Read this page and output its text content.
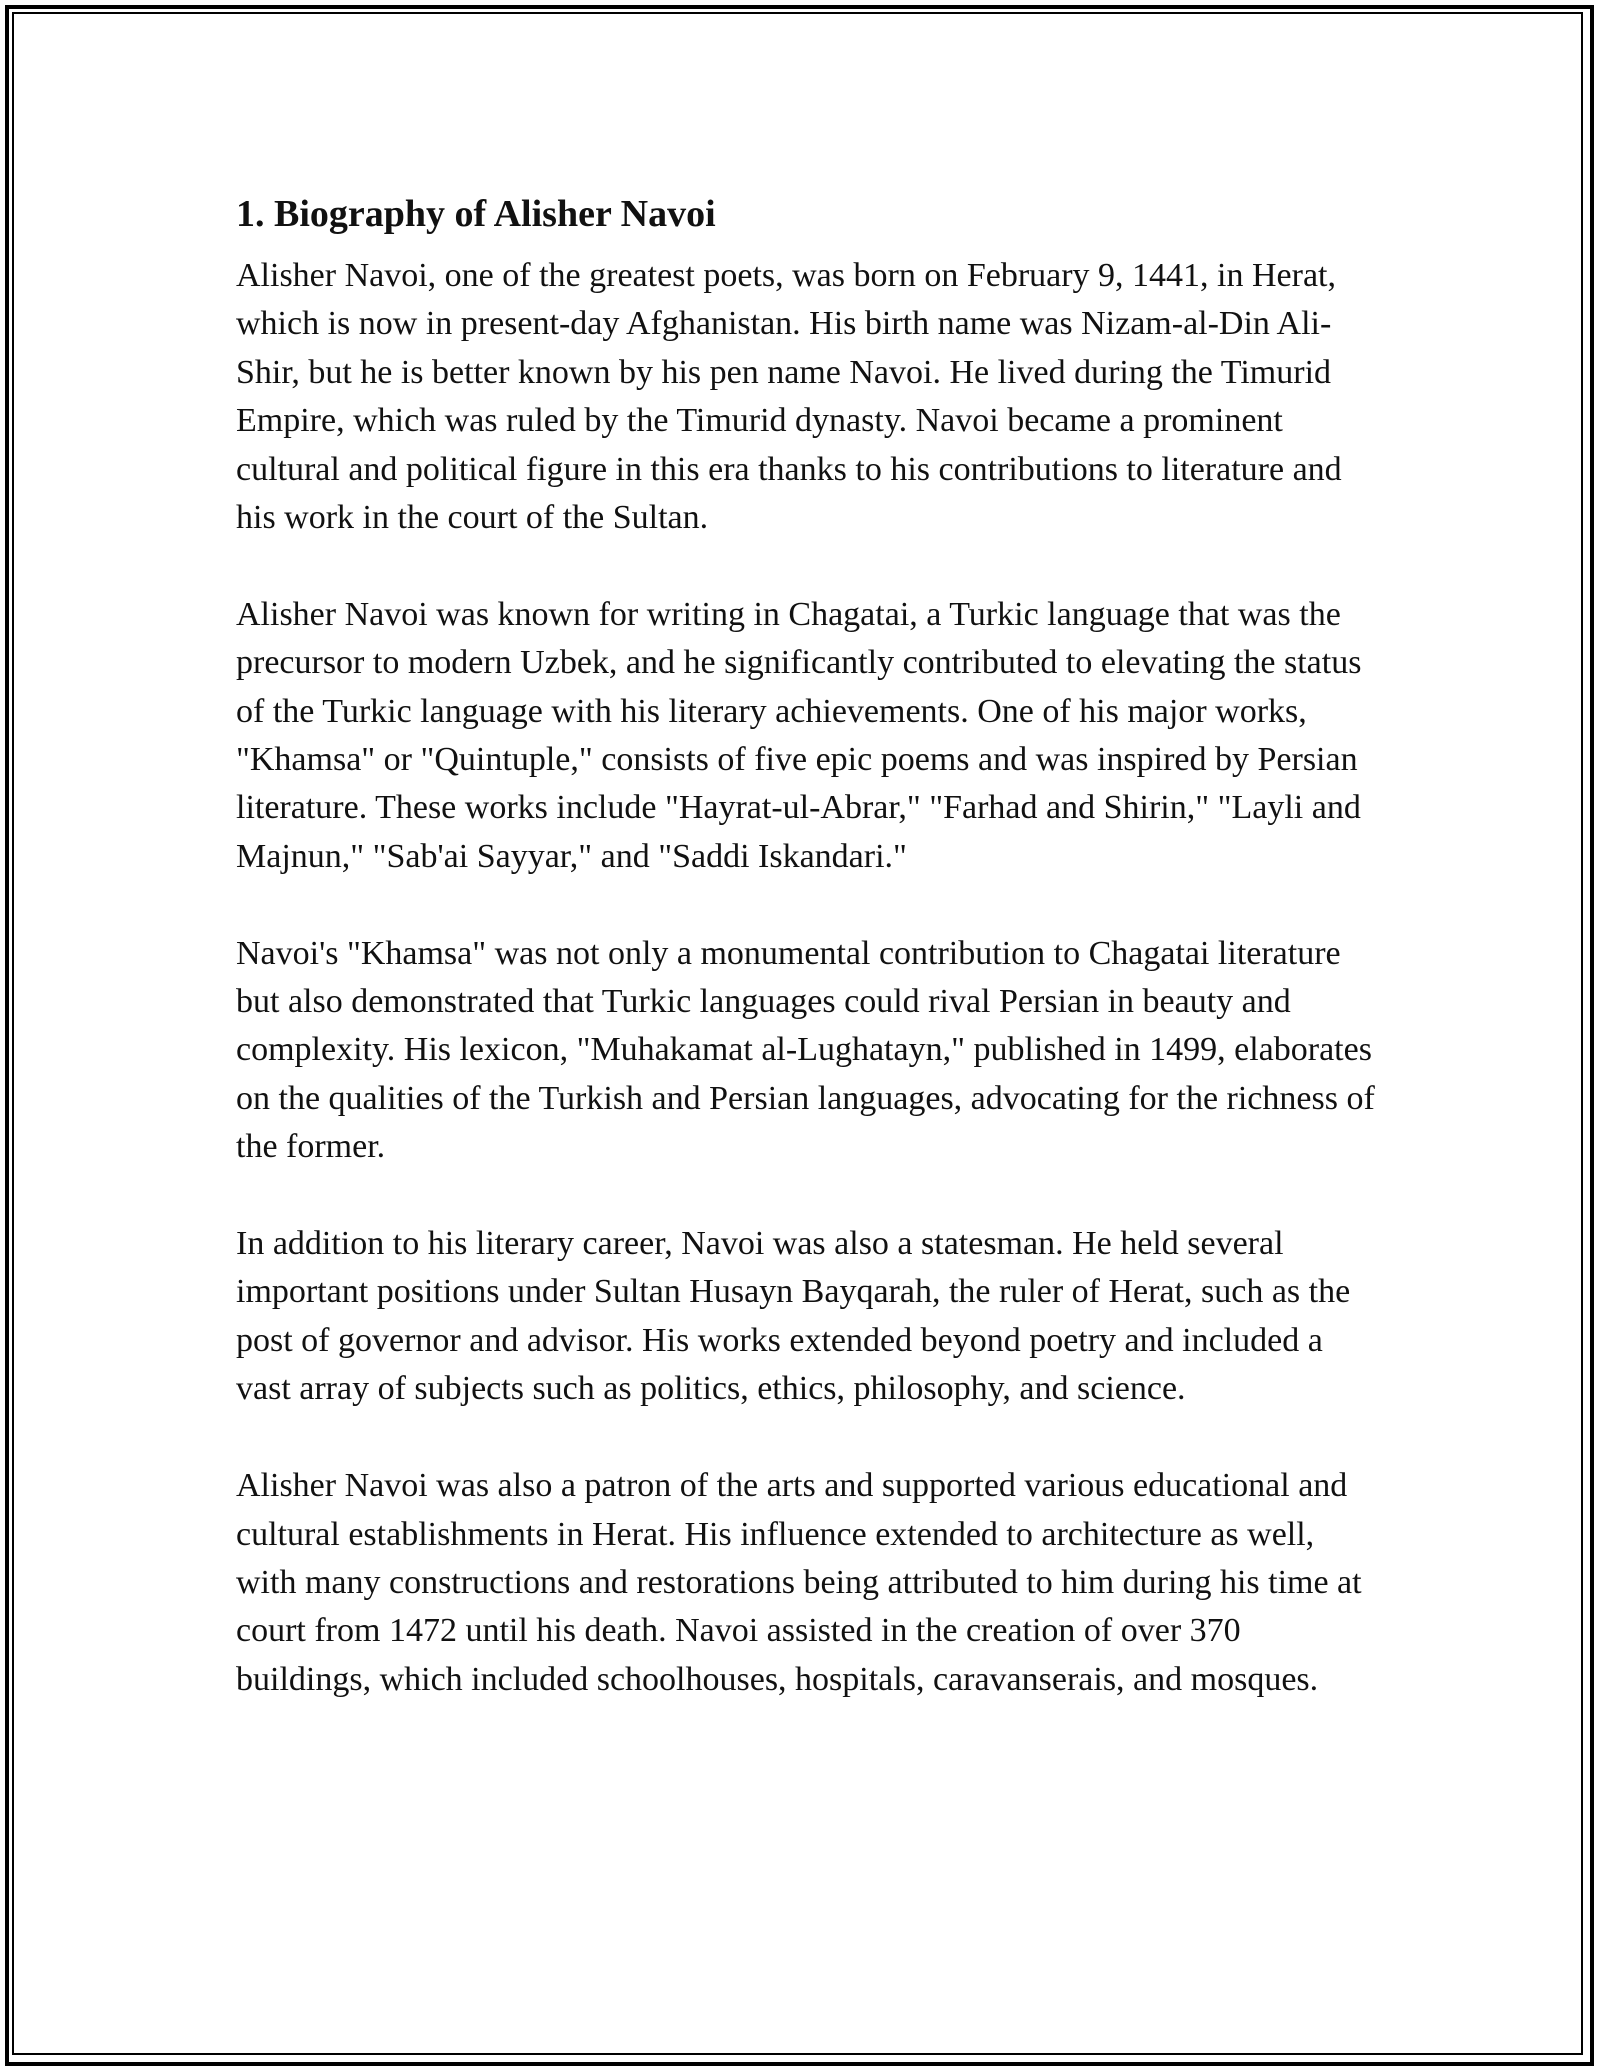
1. Biography of Alisher Navoi

Alisher Navoi, one of the greatest poets, was born on February 9, 1441, in Herat, which is now in present-day Afghanistan. His birth name was Nizam-al-Din Ali-Shir, but he is better known by his pen name Navoi. He lived during the Timurid Empire, which was ruled by the Timurid dynasty. Navoi became a prominent cultural and political figure in this era thanks to his contributions to literature and his work in the court of the Sultan.

Alisher Navoi was known for writing in Chagatai, a Turkic language that was the precursor to modern Uzbek, and he significantly contributed to elevating the status of the Turkic language with his literary achievements. One of his major works, "Khamsa" or "Quintuple," consists of five epic poems and was inspired by Persian literature. These works include "Hayrat-ul-Abrar," "Farhad and Shirin," "Layli and Majnun," "Sab'ai Sayyar," and "Saddi Iskandari."

Navoi's "Khamsa" was not only a monumental contribution to Chagatai literature but also demonstrated that Turkic languages could rival Persian in beauty and complexity. His lexicon, "Muhakamat al-Lughatayn," published in 1499, elaborates on the qualities of the Turkish and Persian languages, advocating for the richness of the former.

In addition to his literary career, Navoi was also a statesman. He held several important positions under Sultan Husayn Bayqarah, the ruler of Herat, such as the post of governor and advisor. His works extended beyond poetry and included a vast array of subjects such as politics, ethics, philosophy, and science.

Alisher Navoi was also a patron of the arts and supported various educational and cultural establishments in Herat. His influence extended to architecture as well, with many constructions and restorations being attributed to him during his time at court from 1472 until his death. Navoi assisted in the creation of over 370 buildings, which included schoolhouses, hospitals, caravanserais, and mosques.
